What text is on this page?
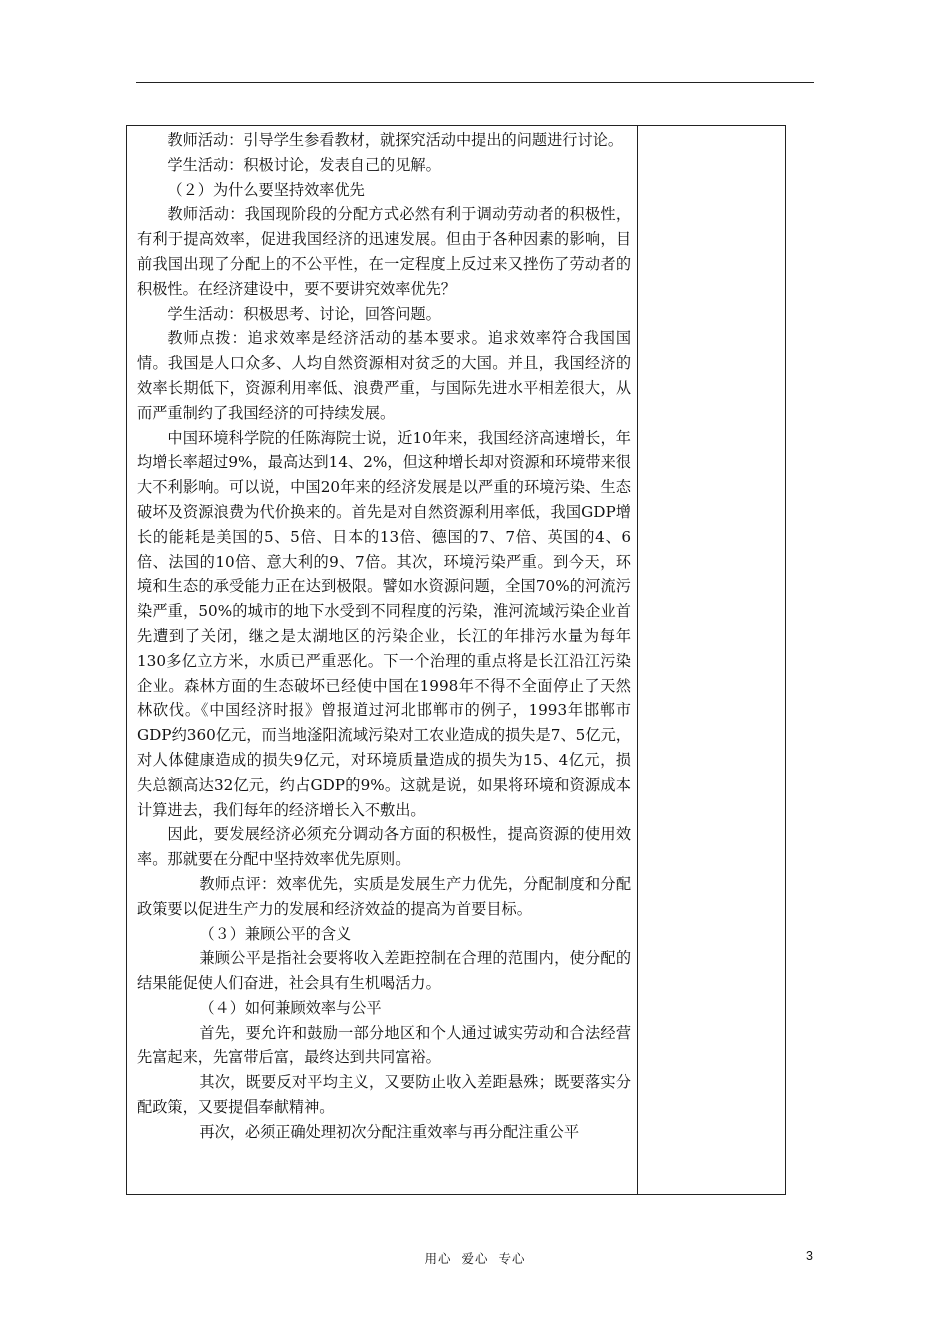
教师活动：引导学生参看教材，就探究活动中提出的问题进行讨论。

学生活动：积极讨论，发表自己的见解。

（２）为什么要坚持效率优先

教师活动：我国现阶段的分配方式必然有利于调动劳动者的积极性，有利于提高效率，促进我国经济的迅速发展。但由于各种因素的影响，目前我国出现了分配上的不公平性，在一定程度上反过来又挫伤了劳动者的积极性。在经济建设中，要不要讲究效率优先？

学生活动：积极思考、讨论，回答问题。

教师点拨：追求效率是经济活动的基本要求。追求效率符合我国国情。我国是人口众多、人均自然资源相对贫乏的大国。并且，我国经济的效率长期低下，资源利用率低、浪费严重，与国际先进水平相差很大，从而严重制约了我国经济的可持续发展。

中国环境科学院的任陈海院士说，近10年来，我国经济高速增长，年均增长率超过9%，最高达到14、2%，但这种增长却对资源和环境带来很大不利影响。可以说，中国20年来的经济发展是以严重的环境污染、生态破坏及资源浪费为代价换来的。首先是对自然资源利用率低，我国GDP增长的能耗是美国的5、5倍、日本的13倍、德国的7、7倍、英国的4、6倍、法国的10倍、意大利的9、7倍。其次，环境污染严重。到今天，环境和生态的承受能力正在达到极限。譬如水资源问题，全国70%的河流污染严重，50%的城市的地下水受到不同程度的污染，淮河流域污染企业首先遭到了关闭，继之是太湖地区的污染企业，长江的年排污水量为每年130多亿立方米，水质已严重恶化。下一个治理的重点将是长江沿江污染企业。森林方面的生态破坏已经使中国在1998年不得不全面停止了天然林砍伐。《中国经济时报》曾报道过河北邯郸市的例子，1993年邯郸市GDP约360亿元，而当地滏阳流域污染对工农业造成的损失是7、5亿元，对人体健康造成的损失9亿元，对环境质量造成的损失为15、4亿元，损失总额高达32亿元，约占GDP的9%。这就是说，如果将环境和资源成本计算进去，我们每年的经济增长入不敷出。

因此，要发展经济必须充分调动各方面的积极性，提高资源的使用效率。那就要在分配中坚持效率优先原则。

教师点评：效率优先，实质是发展生产力优先，分配制度和分配政策要以促进生产力的发展和经济效益的提高为首要目标。

（３）兼顾公平的含义

兼顾公平是指社会要将收入差距控制在合理的范围内，使分配的结果能促使人们奋进，社会具有生机喝活力。

（４）如何兼顾效率与公平

首先，要允许和鼓励一部分地区和个人通过诚实劳动和合法经营先富起来，先富带后富，最终达到共同富裕。

其次，既要反对平均主义，又要防止收入差距悬殊；既要落实分配政策，又要提倡奉献精神。

再次，必须正确处理初次分配注重效率与再分配注重公平

用心  爱心  专心	3
